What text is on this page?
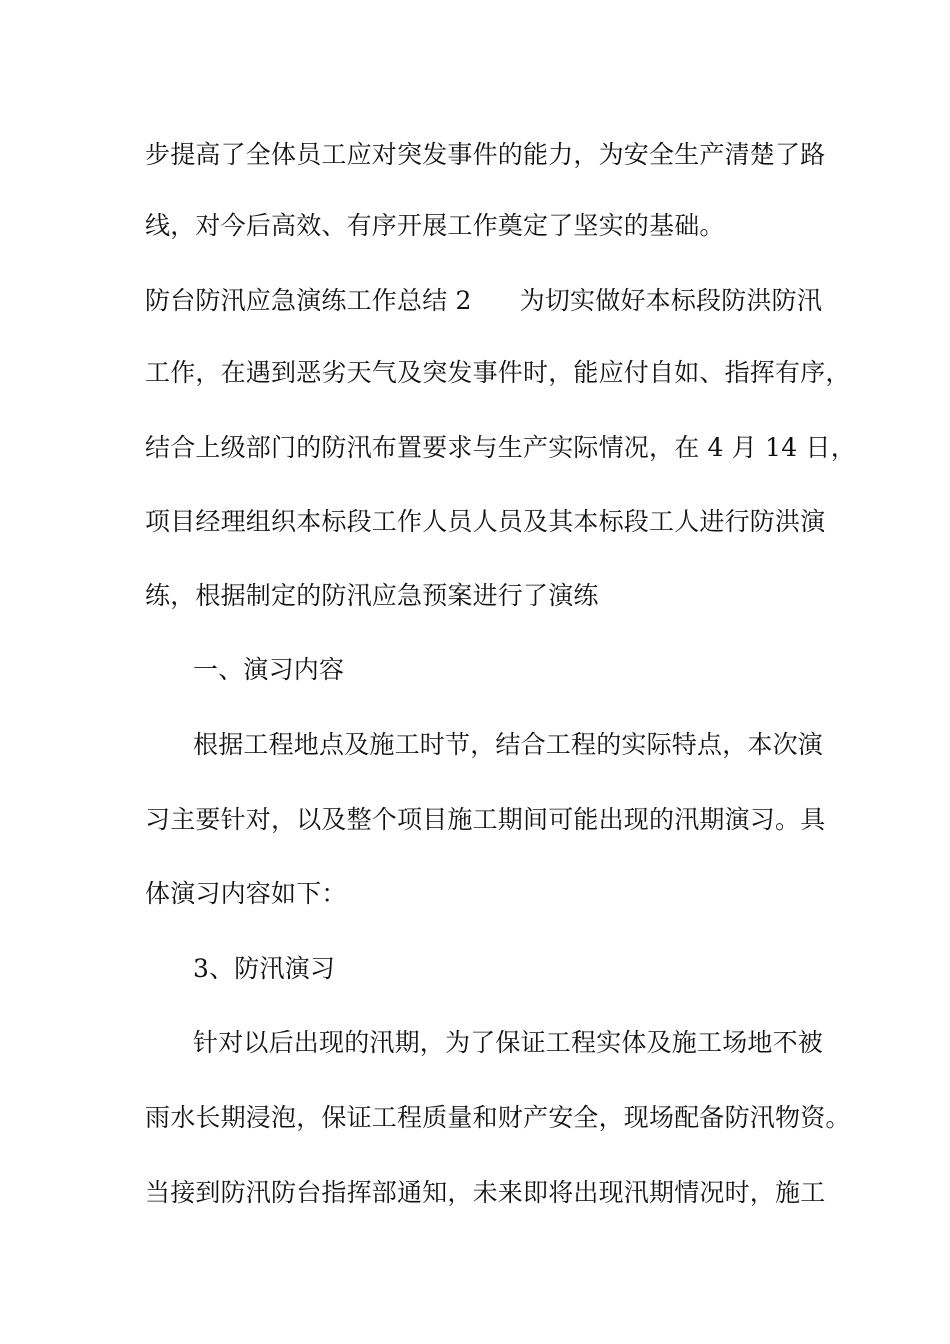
步提高了全体员工应对突发事件的能力，为安全生产清楚了路
线，对今后高效、有序开展工作奠定了坚实的基础。
防台防汛应急演练工作总结 2 为切实做好本标段防洪防汛
工作，在遇到恶劣天气及突发事件时，能应付自如、指挥有序，
结合上级部门的防汛布置要求与生产实际情况，在 4 月 14 日，
项目经理组织本标段工作人员人员及其本标段工人进行防洪演
练，根据制定的防汛应急预案进行了演练
一、演习内容
根据工程地点及施工时节，结合工程的实际特点，本次演
习主要针对，以及整个项目施工期间可能出现的汛期演习。具
体演习内容如下：
3、防汛演习
针对以后出现的汛期，为了保证工程实体及施工场地不被
雨水长期浸泡，保证工程质量和财产安全，现场配备防汛物资。
当接到防汛防台指挥部通知，未来即将出现汛期情况时，施工
